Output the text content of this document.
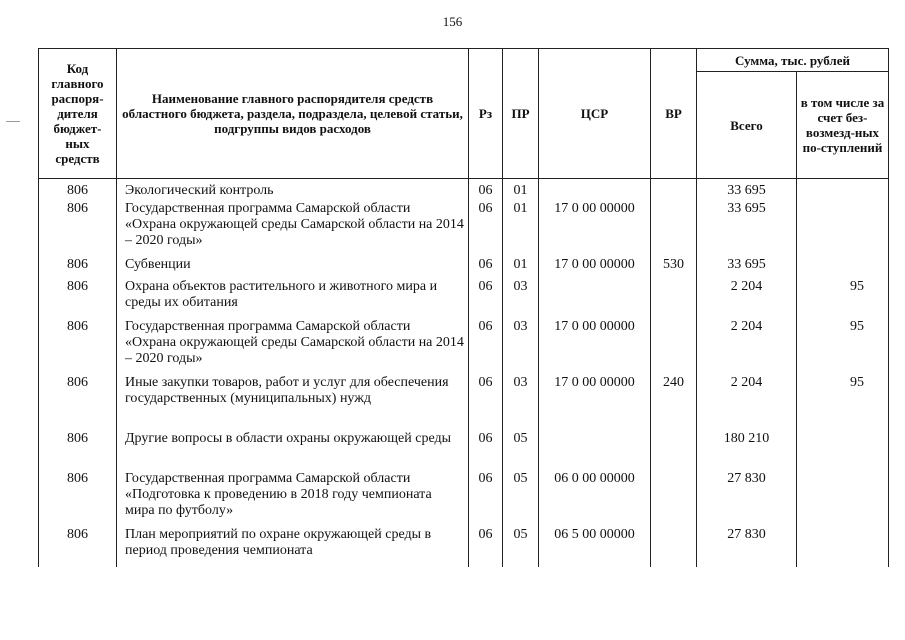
156
Код главного распоря-дителя бюджет-ных средств	Наименование главного распорядителя средств областного бюджета, раздела, подраздела, целевой статьи, подгруппы видов расходов	Рз	ПР	ЦСР	ВР	Сумма, тыс. рублей	
						Всего	в том числе за счет без-возмезд-ных по-ступлений
806	Экологический контроль	06	01			33 695	
806	Государственная программа Самарской области «Охрана окружающей среды Самарской области на 2014 – 2020 годы»	06	01	17 0 00 00000		33 695	
806	Субвенции	06	01	17 0 00 00000	530	33 695	
806	Охрана объектов растительного и животного мира и среды их обитания	06	03			2 204	95
806	Государственная программа Самарской области «Охрана окружающей среды Самарской области на 2014 – 2020 годы»	06	03	17 0 00 00000		2 204	95
806	Иные закупки товаров, работ и услуг для обеспечения государственных (муниципальных) нужд	06	03	17 0 00 00000	240	2 204	95
806	Другие вопросы в области охраны окружающей среды	06	05			180 210	
806	Государственная программа Самарской области «Подготовка к проведению в 2018 году чемпионата мира по футболу»	06	05	06 0 00 00000		27 830	
806	План мероприятий по охране окружающей среды в период проведения чемпионата	06	05	06 5 00 00000		27 830	
